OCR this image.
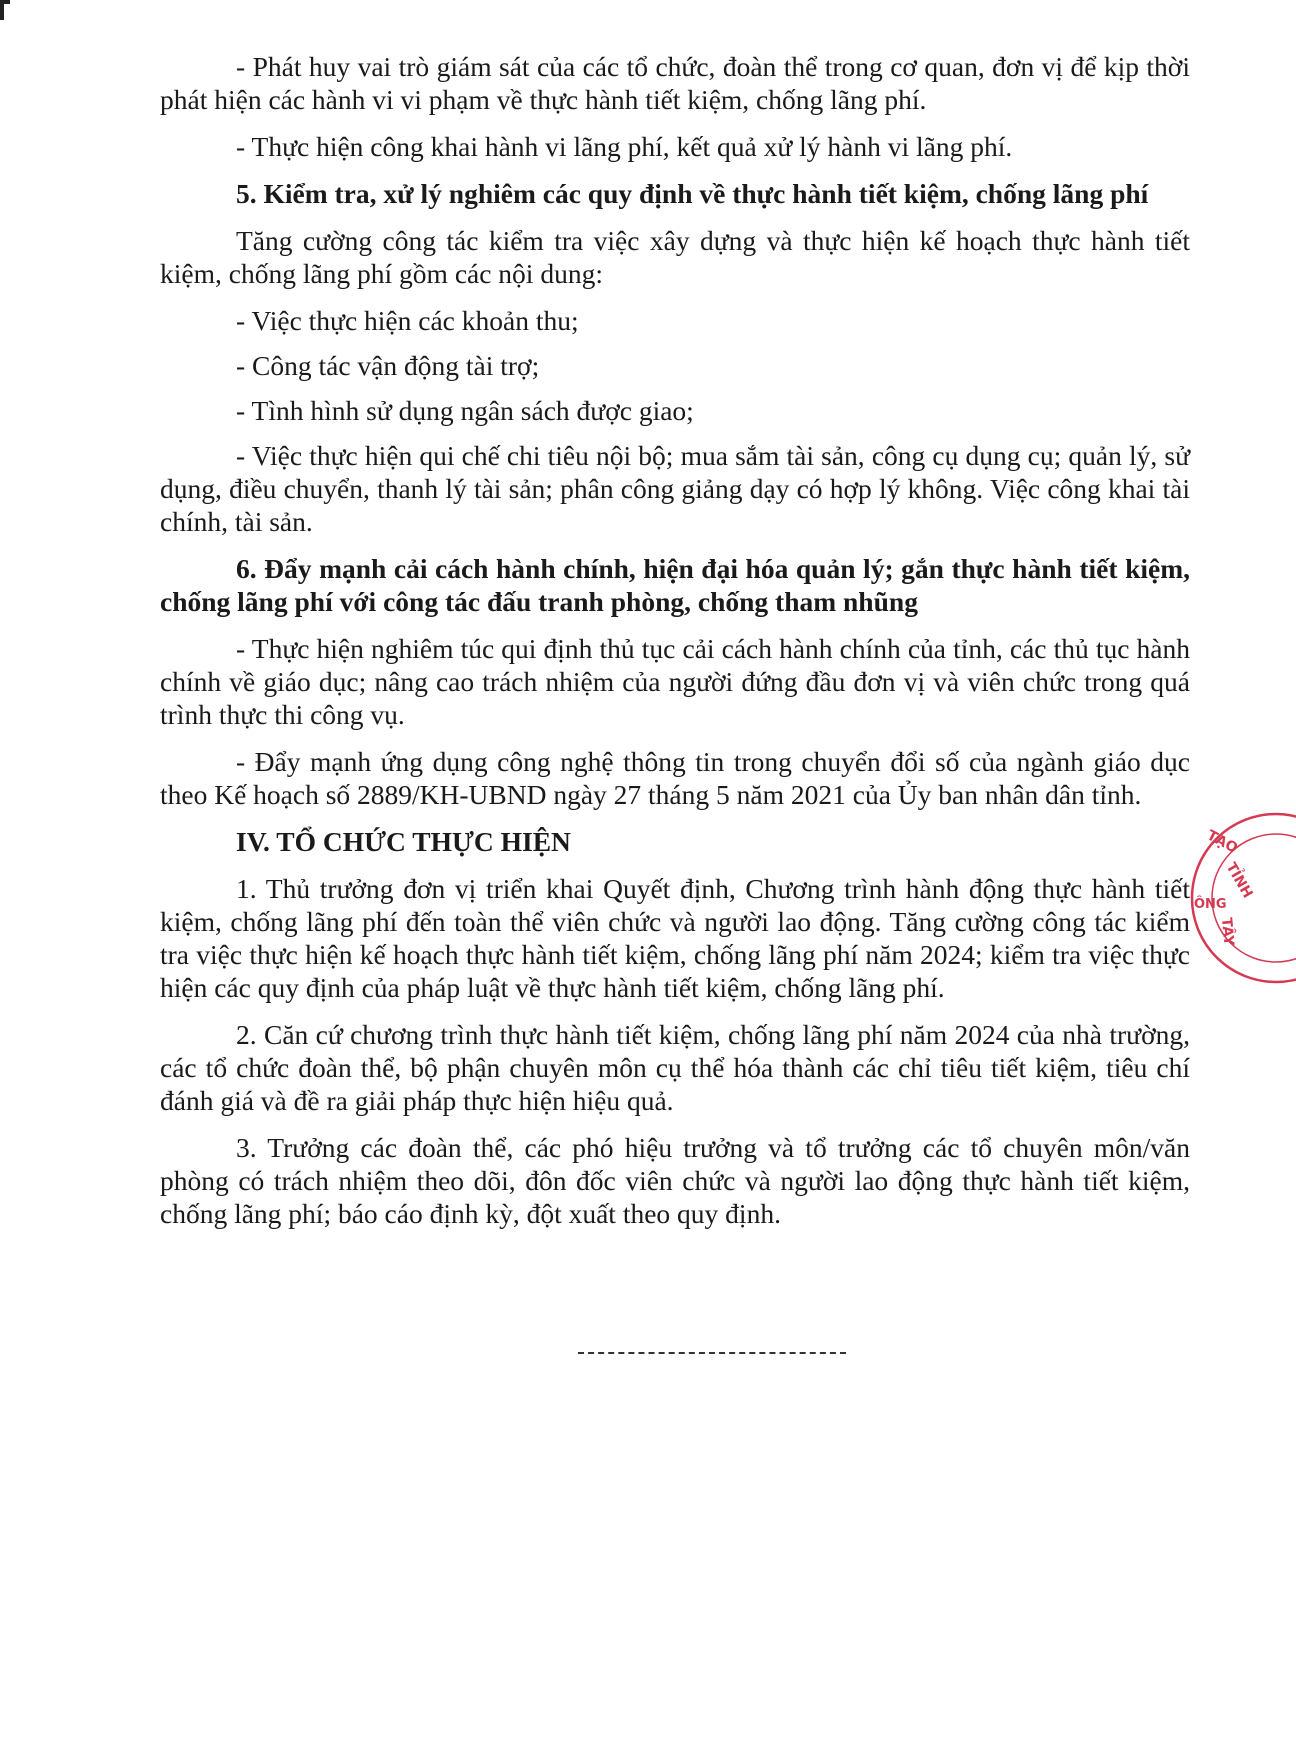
- Phát huy vai trò giám sát của các tổ chức, đoàn thể trong cơ quan, đơn vị để kịp thời phát hiện các hành vi vi phạm về thực hành tiết kiệm, chống lãng phí.

- Thực hiện công khai hành vi lãng phí, kết quả xử lý hành vi lãng phí.

5. Kiểm tra, xử lý nghiêm các quy định về thực hành tiết kiệm, chống lãng phí

Tăng cường công tác kiểm tra việc xây dựng và thực hiện kế hoạch thực hành tiết kiệm, chống lãng phí gồm các nội dung:

- Việc thực hiện các khoản thu;

- Công tác vận động tài trợ;

- Tình hình sử dụng ngân sách được giao;

- Việc thực hiện qui chế chi tiêu nội bộ; mua sắm tài sản, công cụ dụng cụ; quản lý, sử dụng, điều chuyển, thanh lý tài sản; phân công giảng dạy có hợp lý không. Việc công khai tài chính, tài sản.

6. Đẩy mạnh cải cách hành chính, hiện đại hóa quản lý; gắn thực hành tiết kiệm, chống lãng phí với công tác đấu tranh phòng, chống tham nhũng

- Thực hiện nghiêm túc qui định thủ tục cải cách hành chính của tỉnh, các thủ tục hành chính về giáo dục; nâng cao trách nhiệm của người đứng đầu đơn vị và viên chức trong quá trình thực thi công vụ.

- Đẩy mạnh ứng dụng công nghệ thông tin trong chuyển đổi số của ngành giáo dục theo Kế hoạch số 2889/KH-UBND ngày 27 tháng 5 năm 2021 của Ủy ban nhân dân tỉnh.

IV. TỔ CHỨC THỰC HIỆN

1. Thủ trưởng đơn vị triển khai Quyết định, Chương trình hành động thực hành tiết kiệm, chống lãng phí đến toàn thể viên chức và người lao động. Tăng cường công tác kiểm tra việc thực hiện kế hoạch thực hành tiết kiệm, chống lãng phí năm 2024; kiểm tra việc thực hiện các quy định của pháp luật về thực hành tiết kiệm, chống lãng phí.

2. Căn cứ chương trình thực hành tiết kiệm, chống lãng phí năm 2024 của nhà trường, các tổ chức đoàn thể, bộ phận chuyên môn cụ thể hóa thành các chỉ tiêu tiết kiệm, tiêu chí đánh giá và đề ra giải pháp thực hiện hiệu quả.

3. Trưởng các đoàn thể, các phó hiệu trưởng và tổ trưởng các tổ chuyên môn/văn phòng có trách nhiệm theo dõi, đôn đốc viên chức và người lao động thực hành tiết kiệm, chống lãng phí; báo cáo định kỳ, đột xuất theo quy định.

TẠO
TỈNH
ÔNG
TÂY
